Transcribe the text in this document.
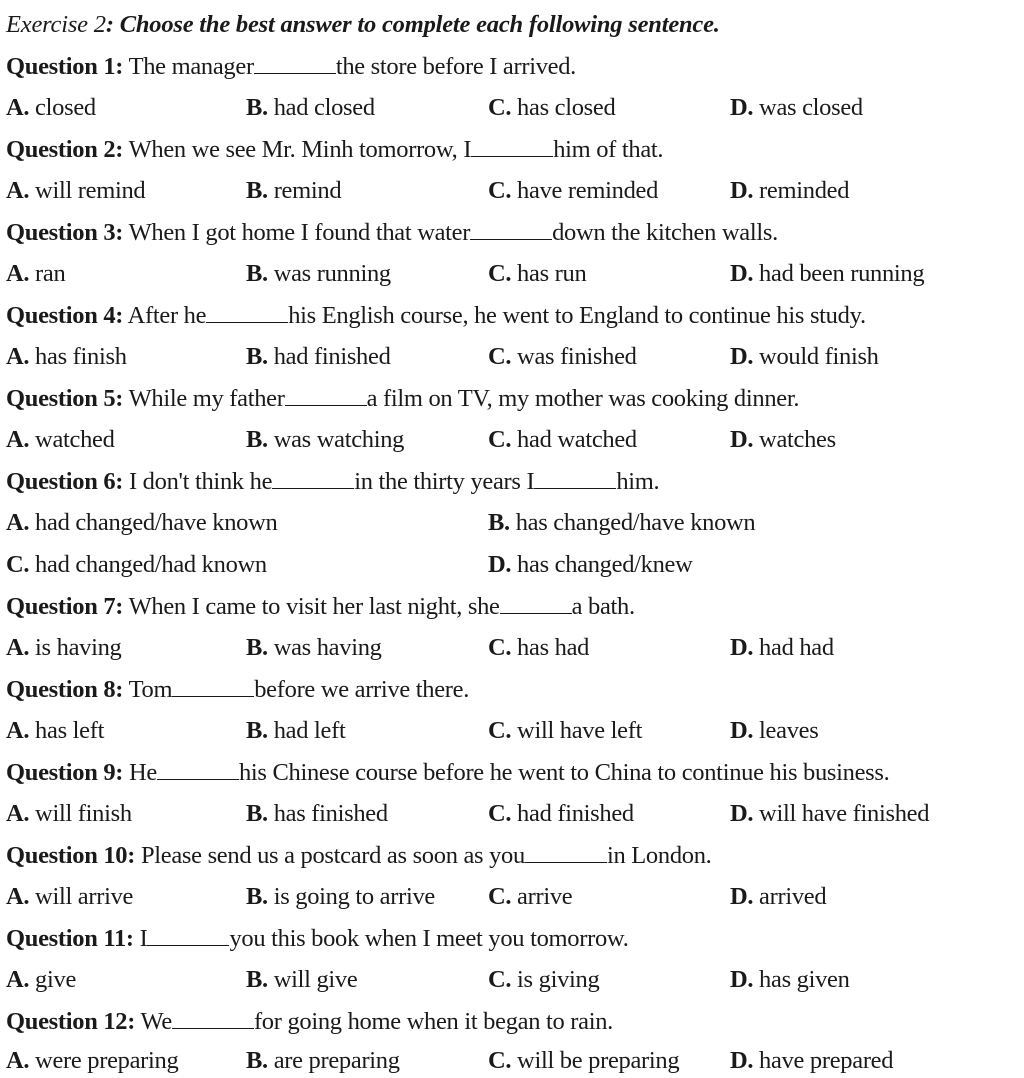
Exercise 2: Choose the best answer to complete each following sentence.
Question 1: The manager	the store before I arrived.
A. closed	B. had closed	C. has closed	D. was closed
Question 2: When we see Mr. Minh tomorrow, I	him of that.
A. will remind	B. remind	C. have reminded	D. reminded
Question 3: When I got home I found that water	down the kitchen walls.
A. ran	B. was running	C. has run	D. had been running
Question 4: After he	his English course, he went to England to continue his study.
A. has finish	B. had finished	C. was finished	D. would finish
Question 5: While my father	a film on TV, my mother was cooking dinner.
A. watched	B. was watching	C. had watched	D. watches
Question 6: I don't think he	in the thirty years I	him.
A. had changed/have known	B. has changed/have known
C. had changed/had known	D. has changed/knew
Question 7: When I came to visit her last night, she	a bath.
A. is having	B. was having	C. has had	D. had had
Question 8: Tom	before we arrive there.
A. has left	B. had left	C. will have left	D. leaves
Question 9: He	his Chinese course before he went to China to continue his business.
A. will finish	B. has finished	C. had finished	D. will have finished
Question 10: Please send us a postcard as soon as you	in London.
A. will arrive	B. is going to arrive C. arrive	D. arrived
Question 11: I	you this book when I meet you tomorrow.
A. give	B. will give	C. is giving	D. has given
Question 12: We	for going home when it began to rain.
A. were preparing	B. are preparing	C. will be preparing D. have prepared
